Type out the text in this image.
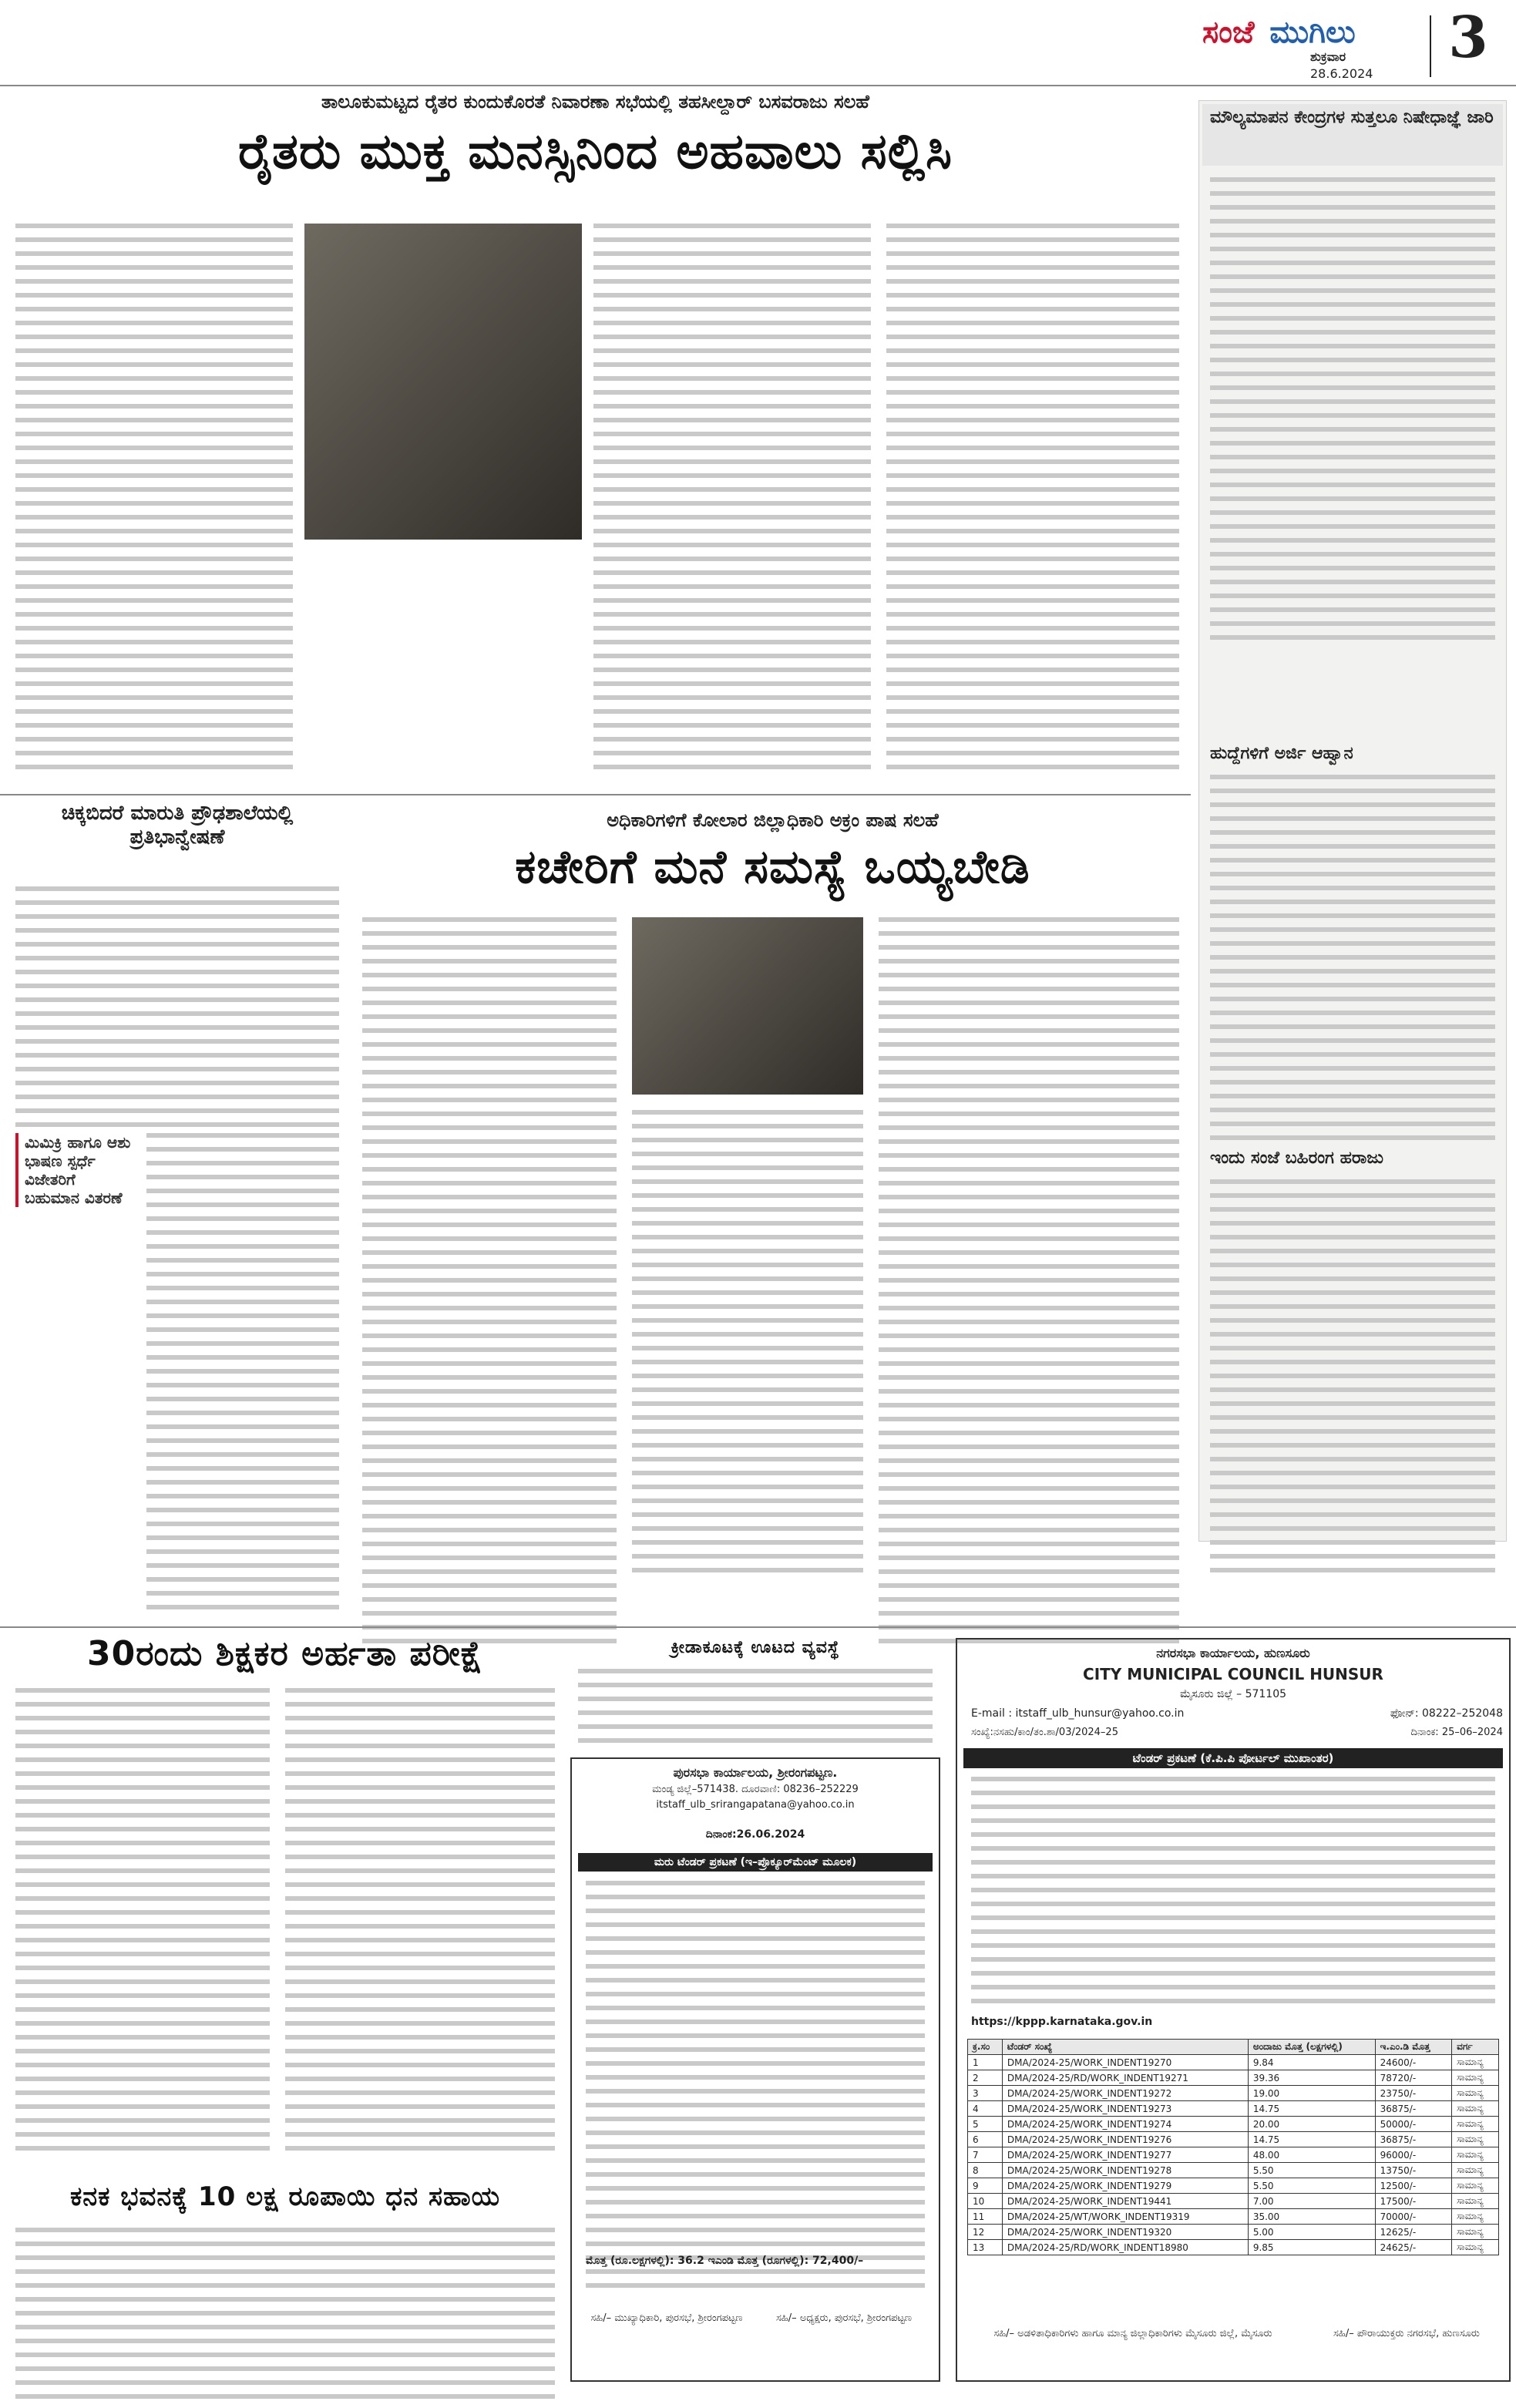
ಸಂಜೆ ಮುಗಿಲು
ಶುಕ್ರವಾರ
28.6.2024
3
ತಾಲೂಕುಮಟ್ಟದ ರೈತರ ಕುಂದುಕೊರತೆ ನಿವಾರಣಾ ಸಭೆಯಲ್ಲಿ ತಹಸೀಲ್ದಾರ್ ಬಸವರಾಜು ಸಲಹೆ
ರೈತರು ಮುಕ್ತ ಮನಸ್ಸಿನಿಂದ ಅಹವಾಲು ಸಲ್ಲಿಸಿ
ಮೌಲ್ಯಮಾಪನ ಕೇಂದ್ರಗಳ ಸುತ್ತಲೂ ನಿಷೇಧಾಜ್ಞೆ ಜಾರಿ
ಹುದ್ದೆಗಳಿಗೆ ಅರ್ಜಿ ಆಹ್ವಾನ
ಇಂದು ಸಂಜೆ ಬಹಿರಂಗ ಹರಾಜು
ಚಿಕ್ಕಬಿದರೆ ಮಾರುತಿ ಪ್ರೌಢಶಾಲೆಯಲ್ಲಿ ಪ್ರತಿಭಾನ್ವೇಷಣೆ
ಮಿಮಿಕ್ರಿ ಹಾಗೂ ಆಶು ಭಾಷಣ ಸ್ಪರ್ಧೆ ವಿಜೇತರಿಗೆ ಬಹುಮಾನ ವಿತರಣೆ
ಅಧಿಕಾರಿಗಳಿಗೆ ಕೋಲಾರ ಜಿಲ್ಲಾಧಿಕಾರಿ ಅಕ್ರಂ ಪಾಷ ಸಲಹೆ
ಕಚೇರಿಗೆ ಮನೆ ಸಮಸ್ಯೆ ಒಯ್ಯಬೇಡಿ
30ರಂದು ಶಿಕ್ಷಕರ ಅರ್ಹತಾ ಪರೀಕ್ಷೆ	ಕ್ರೀಡಾಕೂಟಕ್ಕೆ ಊಟದ ವ್ಯವಸ್ಥೆ
ಕನಕ ಭವನಕ್ಕೆ 10 ಲಕ್ಷ ರೂಪಾಯಿ ಧನ ಸಹಾಯ
ಪುರಸಭಾ ಕಾರ್ಯಾಲಯ, ಶ್ರೀರಂಗಪಟ್ಟಣ.
ಮಂಡ್ಯ ಜಿಲ್ಲೆ–571438. ದೂರವಾಣಿ: 08236–252229
itstaff_ulb_srirangapatana@yahoo.co.in
ದಿನಾಂಕ:26.06.2024
ಮರು ಟೆಂಡರ್ ಪ್ರಕಟಣೆ (ಇ–ಪ್ರೊಕ್ಯೂರ್‌ಮೆಂಟ್ ಮೂಲಕ)
ಮೊತ್ತ (ರೂ.ಲಕ್ಷಗಳಲ್ಲಿ): 36.2 ಇಎಂಡಿ ಮೊತ್ತ (ರೂಗಳಲ್ಲಿ): 72,400/–
ಸಹಿ/– ಮುಖ್ಯಾಧಿಕಾರಿ, ಪುರಸಭೆ, ಶ್ರೀರಂಗಪಟ್ಟಣ	ಸಹಿ/– ಅಧ್ಯಕ್ಷರು, ಪುರಸಭೆ, ಶ್ರೀರಂಗಪಟ್ಟಣ
ನಗರಸಭಾ ಕಾರ್ಯಾಲಯ, ಹುಣಸೂರು
CITY MUNICIPAL COUNCIL HUNSUR
ಮೈಸೂರು ಜಿಲ್ಲೆ – 571105
E-mail : itstaff_ulb_hunsur@yahoo.co.in	ಫೋನ್: 08222–252048
ಸಂಖ್ಯೆ:ನಸಹು/ಕಾಂ/ತಂ.ಶಾ/03/2024–25	ದಿನಾಂಕ: 25–06–2024
ಟೆಂಡರ್ ಪ್ರಕಟಣೆ (ಕೆ.ಪಿ.ಪಿ ಪೋರ್ಟಲ್ ಮುಖಾಂತರ)
https://kppp.karnataka.gov.in
ಕ್ರ.ಸಂ	ಟೆಂಡರ್ ಸಂಖ್ಯೆ	ಅಂದಾಜು ಮೊತ್ತ (ಲಕ್ಷಗಳಲ್ಲಿ)	ಇ.ಎಂ.ಡಿ ಮೊತ್ತ	ವರ್ಗ
1	DMA/2024-25/WORK_INDENT19270	9.84	24600/-	ಸಾಮಾನ್ಯ
2	DMA/2024-25/RD/WORK_INDENT19271	39.36	78720/-	ಸಾಮಾನ್ಯ
3	DMA/2024-25/WORK_INDENT19272	19.00	23750/-	ಸಾಮಾನ್ಯ
4	DMA/2024-25/WORK_INDENT19273	14.75	36875/-	ಸಾಮಾನ್ಯ
5	DMA/2024-25/WORK_INDENT19274	20.00	50000/-	ಸಾಮಾನ್ಯ
6	DMA/2024-25/WORK_INDENT19276	14.75	36875/-	ಸಾಮಾನ್ಯ
7	DMA/2024-25/WORK_INDENT19277	48.00	96000/-	ಸಾಮಾನ್ಯ
8	DMA/2024-25/WORK_INDENT19278	5.50	13750/-	ಸಾಮಾನ್ಯ
9	DMA/2024-25/WORK_INDENT19279	5.50	12500/-	ಸಾಮಾನ್ಯ
10	DMA/2024-25/WORK_INDENT19441	7.00	17500/-	ಸಾಮಾನ್ಯ
11	DMA/2024-25/WT/WORK_INDENT19319	35.00	70000/-	ಸಾಮಾನ್ಯ
12	DMA/2024-25/WORK_INDENT19320	5.00	12625/-	ಸಾಮಾನ್ಯ
13	DMA/2024-25/RD/WORK_INDENT18980	9.85	24625/-	ಸಾಮಾನ್ಯ
ಸಹಿ/– ಅಡಳಿತಾಧಿಕಾರಿಗಳು ಹಾಗೂ ಮಾನ್ಯ ಜಿಲ್ಲಾಧಿಕಾರಿಗಳು ಮೈಸೂರು ಜಿಲ್ಲೆ, ಮೈಸೂರು	ಸಹಿ/– ಪೌರಾಯುಕ್ತರು ನಗರಸಭೆ, ಹುಣಸೂರು
